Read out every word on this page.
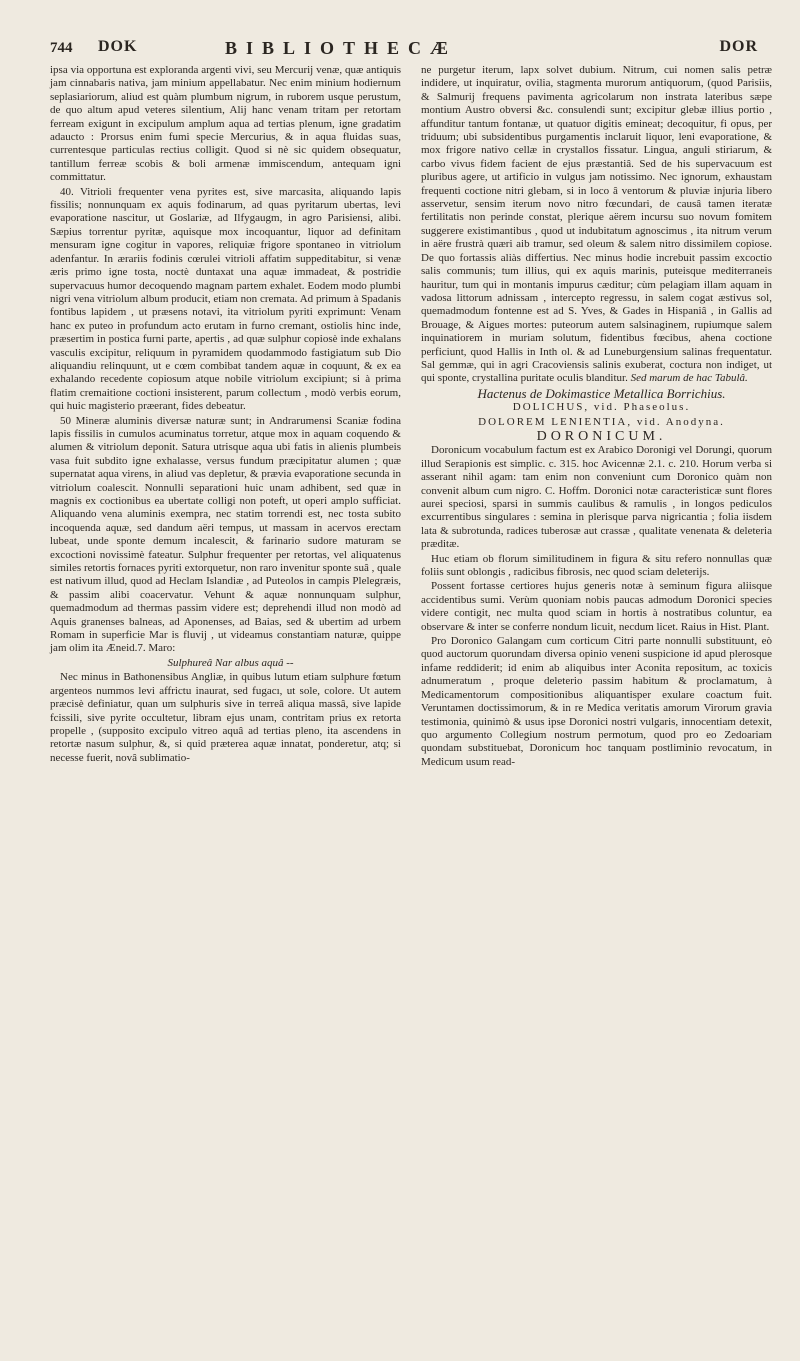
744 DOK	BIBLIOTHECÆ	DOR

ipsa via opportuna est exploranda argenti vivi, seu Mercurij venæ, quæ antiquis jam cinnabaris nativa, jam minium appellabatur. Nec enim minium hodiernum seplasiariorum, aliud est quàm plumbum nigrum, in ruborem usque perustum, de quo altum apud veteres silentium, Alij hanc venam tritam per retortam ferream exigunt in excipulum amplum aqua ad tertias plenum, igne gradatim adaucto : Prorsus enim fumi specie Mercurius, & in aqua fluidas suas, currentesque particulas rectius colligit. Quod si nè sic quidem obsequatur, tantillum ferreæ scobis & boli armenæ immiscendum, antequam igni committatur.

40. Vitrioli frequenter vena pyrites est, sive marcasita, aliquando lapis fissilis; nonnunquam ex aquis fodinarum, ad quas pyritarum ubertas, levi evaporatione nascitur, ut Goslariæ, ad Ilfygaugm, in agro Parisiensi, alibi. Sæpius torrentur pyritæ, aquisque mox incoquantur, liquor ad definitam mensuram igne cogitur in vapores, reliquiæ frigore spontaneo in vitriolum adenfantur. In ærariis fodinis cœrulei vitrioli affatim suppeditabitur, si venæ æris primo igne tosta, noctè duntaxat una aquæ immadeat, & postridie supervacuus humor decoquendo magnam partem exhalet. Eodem modo plumbi nigri vena vitriolum album producit, etiam non cremata. Ad primum à Spadanis fontibus lapidem , ut præsens notavi, ita vitriolum pyriti exprimunt: Venam hanc ex puteo in profundum acto erutam in furno cremant, ostiolis hinc inde, præsertim in postica furni parte, apertis , ad quæ sulphur copiosè inde exhalans vasculis excipitur, reliquum in pyramidem quodammodo fastigiatum sub Dio aliquandiu relinquunt, ut e cœm combibat tandem aquæ in coquunt, & ex ea exhalando recedente copiosum atque nobile vitriolum excipiunt; si à prima flatim cremaitione coctioni insisterent, parum collectum , modò verbis eorum, qui huic magisterio præerant, fides debeatur.

50 Mineræ aluminis diversæ naturæ sunt; in Andrarumensi Scaniæ fodina lapis fissilis in cumulos acuminatus torretur, atque mox in aquam coquendo & alumen & vitriolum deponit. Satura utrisque aqua ubi fatis in alienis plumbeis vasa fuit subdito igne exhalasse, versus fundum præcipitatur alumen ; quæ supernatat aqua virens, in aliud vas depletur, & prævia evaporatione secunda in vitriolum coalescit. Nonnulli separationi huic unam adhibent, sed quæ in magnis ex coctionibus ea ubertate colligi non poteft, ut operi amplo sufficiat. Aliquando vena aluminis exempra, nec statim torrendi est, nec tosta subito incoquenda aquæ, sed dandum aëri tempus, ut massam in acervos erectam lubeat, unde sponte demum incalescit, & farinario sudore maturam se excoctioni novissimè fateatur. Sulphur frequenter per retortas, vel aliquatenus similes retortis fornaces pyriti extorquetur, non raro invenitur sponte suâ , quale est nativum illud, quod ad Heclam Islandiæ , ad Puteolos in campis Plelegræis, & passim alibi coacervatur. Vehunt & aquæ nonnunquam sulphur, quemadmodum ad thermas passim videre est; deprehendi illud non modò ad Aquis granenses balneas, ad Aponenses, ad Baias, sed & ubertim ad urbem Romam in superficie Mar is fluvij , ut videamus constantiam naturæ, quippe jam olim ita Æneid.7. Maro:

Sulphureâ Nar albus aquâ --

Nec minus in Bathonensibus Angliæ, in quibus lutum etiam sulphure fœtum argenteos nummos levi affrictu inaurat, sed fugacı, ut sole, colore. Ut autem præcisè definiatur, quan um sulphuris sive in terreâ aliqua massâ, sive lapide fcissili, sive pyrite occultetur, libram ejus unam, contritam prius ex retorta propelle , (supposito excipulo vitreo aquâ ad tertias pleno, ita ascendens in retortæ nasum sulphur, &, si quid præterea aquæ innatat, ponderetur, atq; si necesse fuerit, novâ sublimatio-

ne purgetur iterum, lapx solvet dubium. Nitrum, cui nomen salis petræ indidere, ut inquiratur, ovilia, stagmenta murorum antiquorum, (quod Parisiis, & Salmurij frequens pavimenta agricolarum non instrata lateribus sæpe montium Austro obversi &c. consulendi sunt; excipitur glebæ illius portio , affunditur tantum fontanæ, ut quatuor digitis emineat; decoquitur, fi opus, per triduum; ubi subsidentibus purgamentis inclaruit liquor, leni evaporatione, & mox frigore nativo cellæ in crystallos fissatur. Lingua, anguli stiriarum, & carbo vivus fidem facient de ejus præstantiâ. Sed de his supervacuum est pluribus agere, ut artificio in vulgus jam notissimo. Nec ignorum, exhaustam frequenti coctione nitri glebam, si in loco â ventorum & pluviæ injuria libero asservetur, sensim iterum novo nitro fœcundari, de causâ tamen iteratæ fertilitatis non perinde constat, plerique aërem incursu suo novum fomitem suggerere existimantibus , quod ut indubitatum agnoscimus , ita nitrum verum in aëre frustrà quæri aib tramur, sed oleum & salem nitro dissimilem copiose. De quo fortassis aliàs differtius. Nec minus hodie increbuit passim excoctio salis communis; tum illius, qui ex aquis marinis, puteisque mediterraneis hauritur, tum qui in montanis impurus cæditur; cùm pelagiam illam aquam in vadosa littorum adnissam , intercepto regressu, in salem cogat æstivus sol, quemadmodum fontenne est ad S. Yves, & Gades in Hispaniâ , in Gallis ad Brouage, & Aigues mortes: puteorum autem salsinaginem, rupiumque salem inquinatiorem in muriam solutum, fidentibus fœcibus, ahena coctione perficiunt, quod Hallis in Inth ol. & ad Luneburgensium salinas frequentatur. Sal gemmæ, qui in agri Cracoviensis salinis exuberat, coctura non indiget, ut qui sponte, crystallina puritate oculis blanditur. Sed marum de hac Tabulâ.

Hactenus de Dokimastice Metallica Borrichius.

DOLICHUS, vid. Phaseolus.

DOLOREM LENIENTIA, vid. Anodyna.

DORONICUM.

Doronicum vocabulum factum est ex Arabico Doronigi vel Dorungi, quorum illud Serapionis est simplic. c. 315. hoc Avicennæ 2.1. c. 210. Horum verba si asserant nihil agam: tam enim non conveniunt cum Doronico quàm non convenit album cum nigro. C. Hoffm. Doronici notæ caracteristicæ sunt flores aurei speciosi, sparsi in summis caulibus & ramulis , in longos pediculos excurrentibus singulares : semina in plerisque parva nigricantia ; folia iisdem lata & subrotunda, radices tuberosæ aut crassæ , qualitate venenata & deleteria præditæ.

Huc etiam ob florum similitudinem in figura & situ refero nonnullas quæ foliis sunt oblongis , radicibus fibrosis, nec quod sciam deleterijs.

Possent fortasse certiores hujus generis notæ à seminum figura aliisque accidentibus sumi. Verùm quoniam nobis paucas admodum Doronici species videre contigit, nec multa quod sciam in hortis à nostratibus coluntur, ea observare & inter se conferre nondum licuit, necdum licet. Raius in Hist. Plant.

Pro Doronico Galangam cum corticum Citri parte nonnulli substituunt, eò quod auctorum quorundam diversa opinio veneni suspicione id apud plerosque infame reddiderit; id enim ab aliquibus inter Aconita repositum, ac toxicis adnumeratum , proque deleterio passim habitum & proclamatum, à Medicamentorum compositionibus aliquantisper exulare coactum fuit. Veruntamen doctissimorum, & in re Medica veritatis amorum Virorum gravia testimonia, quinimò & usus ipse Doronici nostri vulgaris, innocentiam detexit, quo argumento Collegium nostrum permotum, quod pro eo Zedoariam quondam substituebat, Doronicum hoc tanquam postliminio revocatum, in Medicum usum read-
